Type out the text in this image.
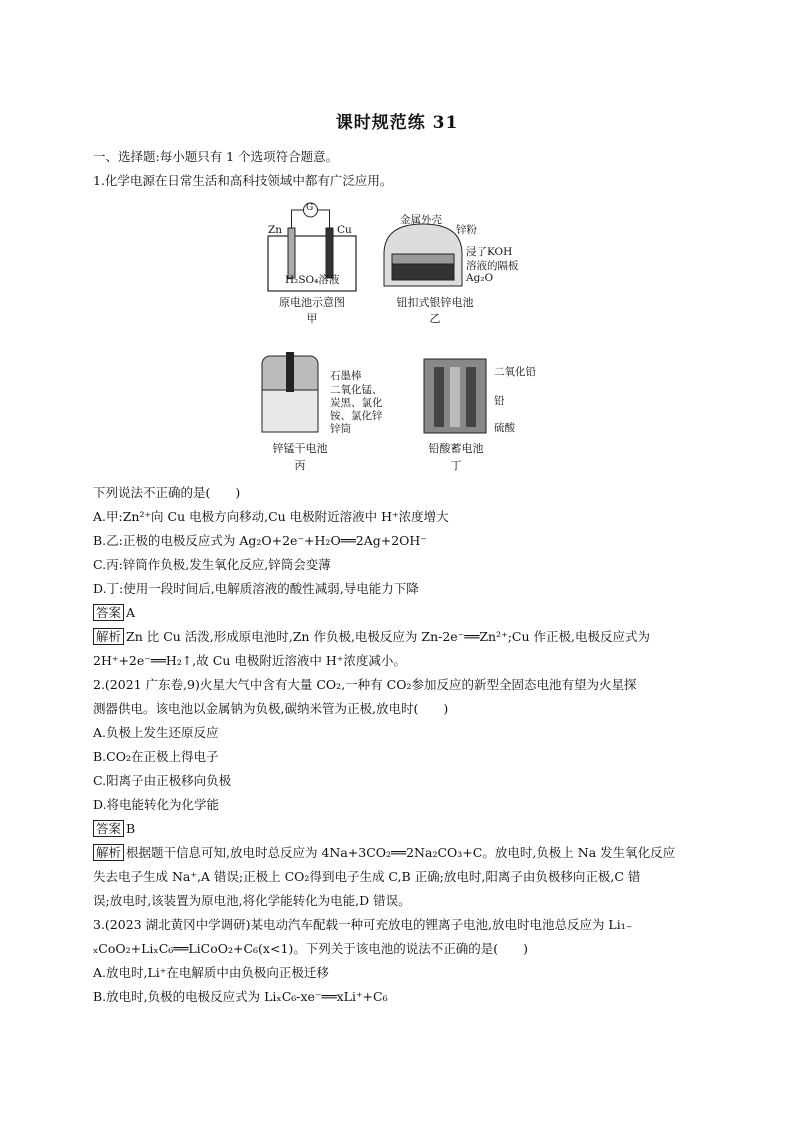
课时规范练 31
一、选择题:每小题只有 1 个选项符合题意。
1.化学电源在日常生活和高科技领域中都有广泛应用。
Zn	Cu
G
H₂SO₄溶液
原电池示意图
甲
金属外壳
锌粉
浸了KOH
溶液的隔板
Ag₂O
钮扣式银锌电池
乙
石墨棒
二氧化锰、
炭黑、氯化
铵、氯化锌
锌筒
锌锰干电池
丙
二氧化铅
铅
硫酸
铅酸蓄电池
丁
下列说法不正确的是(　　)
A.甲:Zn²⁺向 Cu 电极方向移动,Cu 电极附近溶液中 H⁺浓度增大
B.乙:正极的电极反应式为 Ag₂O+2e⁻+H₂O══2Ag+2OH⁻
C.丙:锌筒作负极,发生氧化反应,锌筒会变薄
D.丁:使用一段时间后,电解质溶液的酸性减弱,导电能力下降
答案 A
解析 Zn 比 Cu 活泼,形成原电池时,Zn 作负极,电极反应为 Zn-2e⁻══Zn²⁺;Cu 作正极,电极反应式为
2H⁺+2e⁻══H₂↑,故 Cu 电极附近溶液中 H⁺浓度减小。
2.(2021 广东卷,9)火星大气中含有大量 CO₂,一种有 CO₂参加反应的新型全固态电池有望为火星探
测器供电。该电池以金属钠为负极,碳纳米管为正极,放电时(　　)
A.负极上发生还原反应
B.CO₂在正极上得电子
C.阳离子由正极移向负极
D.将电能转化为化学能
答案 B
解析 根据题干信息可知,放电时总反应为 4Na+3CO₂══2Na₂CO₃+C。放电时,负极上 Na 发生氧化反应
失去电子生成 Na⁺,A 错误;正极上 CO₂得到电子生成 C,B 正确;放电时,阳离子由负极移向正极,C 错
误;放电时,该装置为原电池,将化学能转化为电能,D 错误。
3.(2023 湖北黄冈中学调研)某电动汽车配载一种可充放电的锂离子电池,放电时电池总反应为 Li₁₋
ₓCoO₂+LiₓC₆══LiCoO₂+C₆(x<1)。下列关于该电池的说法不正确的是(　　)
A.放电时,Li⁺在电解质中由负极向正极迁移
B.放电时,负极的电极反应式为 LiₓC₆-xe⁻══xLi⁺+C₆
